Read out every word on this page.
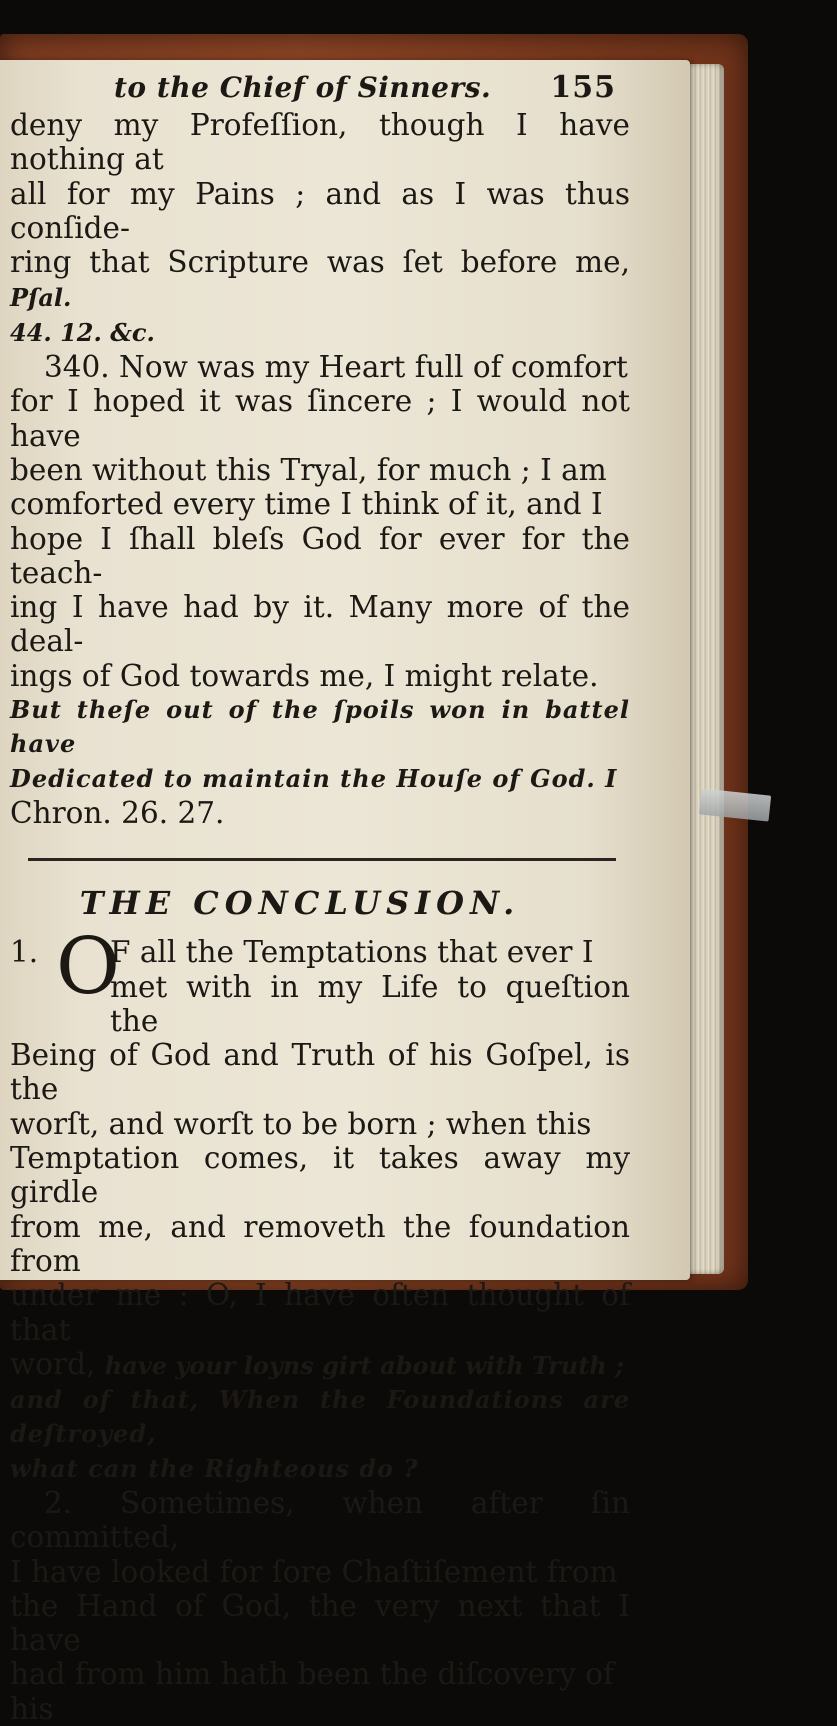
to the Chief of Sinners. 155

deny my Profeſſion, though I have nothing at
all for my Pains ; and as I was thus conſide-
ring that Scripture was ſet before me, Pſal.
44. 12. &c.

340. Now was my Heart full of comfort
for I hoped it was ſincere ; I would not have
been without this Tryal, for much ; I am
comforted every time I think of it, and I
hope I ſhall bleſs God for ever for the teach-
ing I have had by it. Many more of the deal-
ings of God towards me, I might relate.
But theſe out of the ſpoils won in battel have
Dedicated to maintain the Houſe of God. I
Chron. 26. 27.

THE CONCLUSION.

1. O
F all the Temptations that ever I
met with in my Life to queſtion the
Being of God and Truth of his Goſpel, is the
worſt, and worſt to be born ; when this
Temptation comes, it takes away my girdle
from me, and removeth the foundation from
under me : O, I have often thought of that
word, have your loyns girt about with Truth ;
and of that, When the Foundations are deſtroyed,
what can the Righteous do ?

2. Sometimes, when after ſin committed,
I have looked for ſore Chaſtiſement from
the Hand of God, the very next that I have
had from him hath been the diſcovery of
his
